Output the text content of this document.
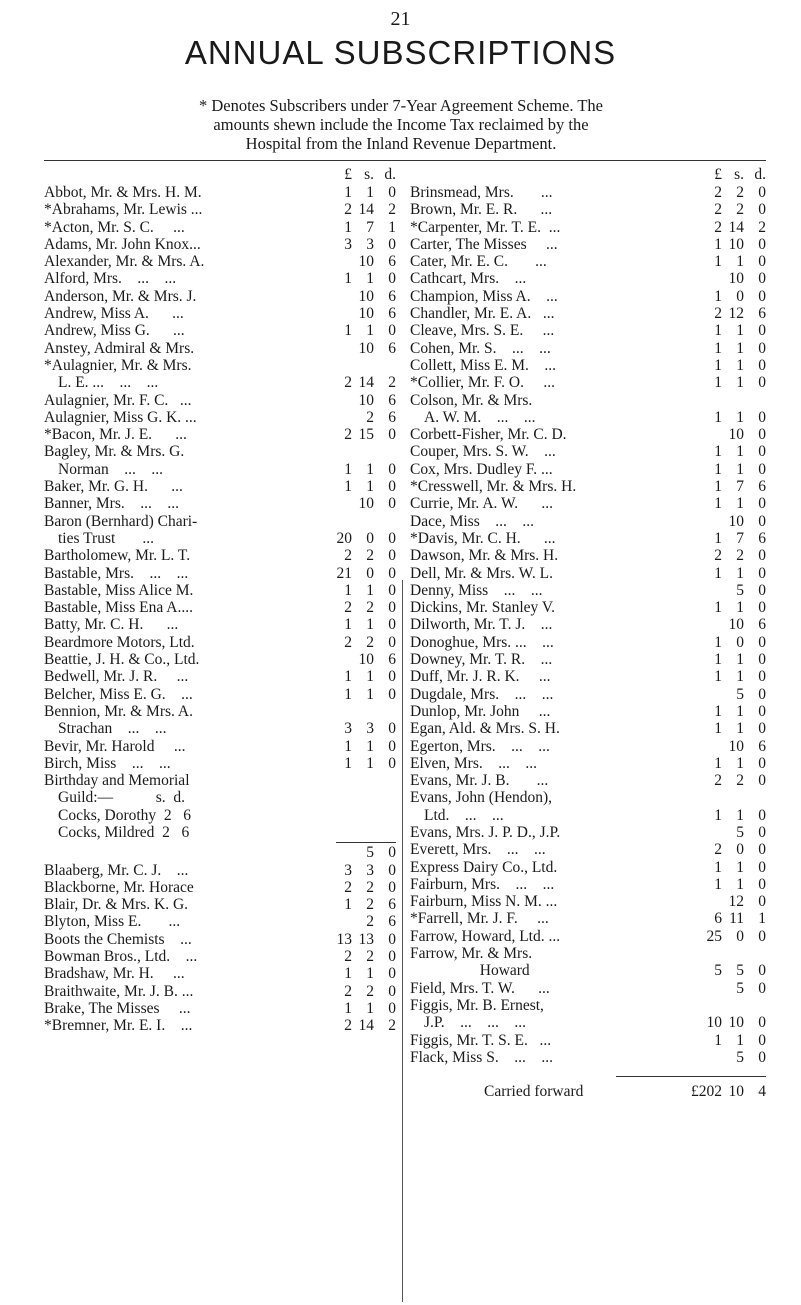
21
ANNUAL SUBSCRIPTIONS
* Denotes Subscribers under 7-Year Agreement Scheme. The
amounts shewn include the Income Tax reclaimed by the
Hospital from the Inland Revenue Department.
£ s. d.
Abbot, Mr. & Mrs. H. M.	1 1 0
*Abrahams, Mr. Lewis ...	2 14 2
*Acton, Mr. S. C.     ...	1 7 1
Adams, Mr. John Knox...	3 3 0
Alexander, Mr. & Mrs. A.	10 6
Alford, Mrs.    ...    ...	1 1 0
Anderson, Mr. & Mrs. J.	10 6
Andrew, Miss A.      ...	10 6
Andrew, Miss G.      ...	1 1 0
Anstey, Admiral & Mrs.	10 6
*Aulagnier, Mr. & Mrs.
L. E. ...    ...    ...	2 14 2
Aulagnier, Mr. F. C.   ...	10 6
Aulagnier, Miss G. K. ...	2 6
*Bacon, Mr. J. E.      ...	2 15 0
Bagley, Mr. & Mrs. G.
Norman    ...    ...	1 1 0
Baker, Mr. G. H.      ...	1 1 0
Banner, Mrs.    ...    ...	10 0
Baron (Bernhard) Chari-
ties Trust       ...	20 0 0
Bartholomew, Mr. L. T.	2 2 0
Bastable, Mrs.    ...    ...	21 0 0
Bastable, Miss Alice M.	1 1 0
Bastable, Miss Ena A....	2 2 0
Batty, Mr. C. H.      ...	1 1 0
Beardmore Motors, Ltd.	2 2 0
Beattie, J. H. & Co., Ltd.	10 6
Bedwell, Mr. J. R.     ...	1 1 0
Belcher, Miss E. G.    ...	1 1 0
Bennion, Mr. & Mrs. A.
Strachan    ...    ...	3 3 0
Bevir, Mr. Harold     ...	1 1 0
Birch, Miss    ...    ...	1 1 0
Birthday and Memorial
Guild:—           s.  d.
Cocks, Dorothy  2   6
Cocks, Mildred  2   6
5 0
Blaaberg, Mr. C. J.    ...	3 3 0
Blackborne, Mr. Horace	2 2 0
Blair, Dr. & Mrs. K. G.	1 2 6
Blyton, Miss E.       ...	2 6
Boots the Chemists    ...	13 13 0
Bowman Bros., Ltd.    ...	2 2 0
Bradshaw, Mr. H.     ...	1 1 0
Braithwaite, Mr. J. B. ...	2 2 0
Brake, The Misses     ...	1 1 0
*Bremner, Mr. E. I.    ...	2 14 2
£ s. d.
Brinsmead, Mrs.       ...	2 2 0
Brown, Mr. E. R.      ...	2 2 0
*Carpenter, Mr. T. E.  ...	2 14 2
Carter, The Misses     ...	1 10 0
Cater, Mr. E. C.       ...	1 1 0
Cathcart, Mrs.    ...	10 0
Champion, Miss A.    ...	1 0 0
Chandler, Mr. E. A.   ...	2 12 6
Cleave, Mrs. S. E.     ...	1 1 0
Cohen, Mr. S.    ...    ...	1 1 0
Collett, Miss E. M.    ...	1 1 0
*Collier, Mr. F. O.     ...	1 1 0
Colson, Mr. & Mrs.
A. W. M.    ...    ...	1 1 0
Corbett-Fisher, Mr. C. D.	10 0
Couper, Mrs. S. W.    ...	1 1 0
Cox, Mrs. Dudley F. ...	1 1 0
*Cresswell, Mr. & Mrs. H.	1 7 6
Currie, Mr. A. W.      ...	1 1 0
Dace, Miss    ...    ...	10 0
*Davis, Mr. C. H.      ...	1 7 6
Dawson, Mr. & Mrs. H.	2 2 0
Dell, Mr. & Mrs. W. L.	1 1 0
Denny, Miss    ...    ...	5 0
Dickins, Mr. Stanley V.	1 1 0
Dilworth, Mr. T. J.    ...	10 6
Donoghue, Mrs. ...    ...	1 0 0
Downey, Mr. T. R.    ...	1 1 0
Duff, Mr. J. R. K.     ...	1 1 0
Dugdale, Mrs.    ...    ...	5 0
Dunlop, Mr. John     ...	1 1 0
Egan, Ald. & Mrs. S. H.	1 1 0
Egerton, Mrs.    ...    ...	10 6
Elven, Mrs.    ...    ...	1 1 0
Evans, Mr. J. B.       ...	2 2 0
Evans, John (Hendon),
Ltd.    ...    ...	1 1 0
Evans, Mrs. J. P. D., J.P.	5 0
Everett, Mrs.    ...    ...	2 0 0
Express Dairy Co., Ltd.	1 1 0
Fairburn, Mrs.    ...    ...	1 1 0
Fairburn, Miss N. M. ...	12 0
*Farrell, Mr. J. F.     ...	6 11 1
Farrow, Howard, Ltd. ...	25 0 0
Farrow, Mr. & Mrs.
Howard	5 5 0
Field, Mrs. T. W.      ...	5 0
Figgis, Mr. B. Ernest,
J.P.    ...    ...    ...	10 10 0
Figgis, Mr. T. S. E.   ...	1 1 0
Flack, Miss S.    ...    ...	5 0
Carried forward	£202 10 4
